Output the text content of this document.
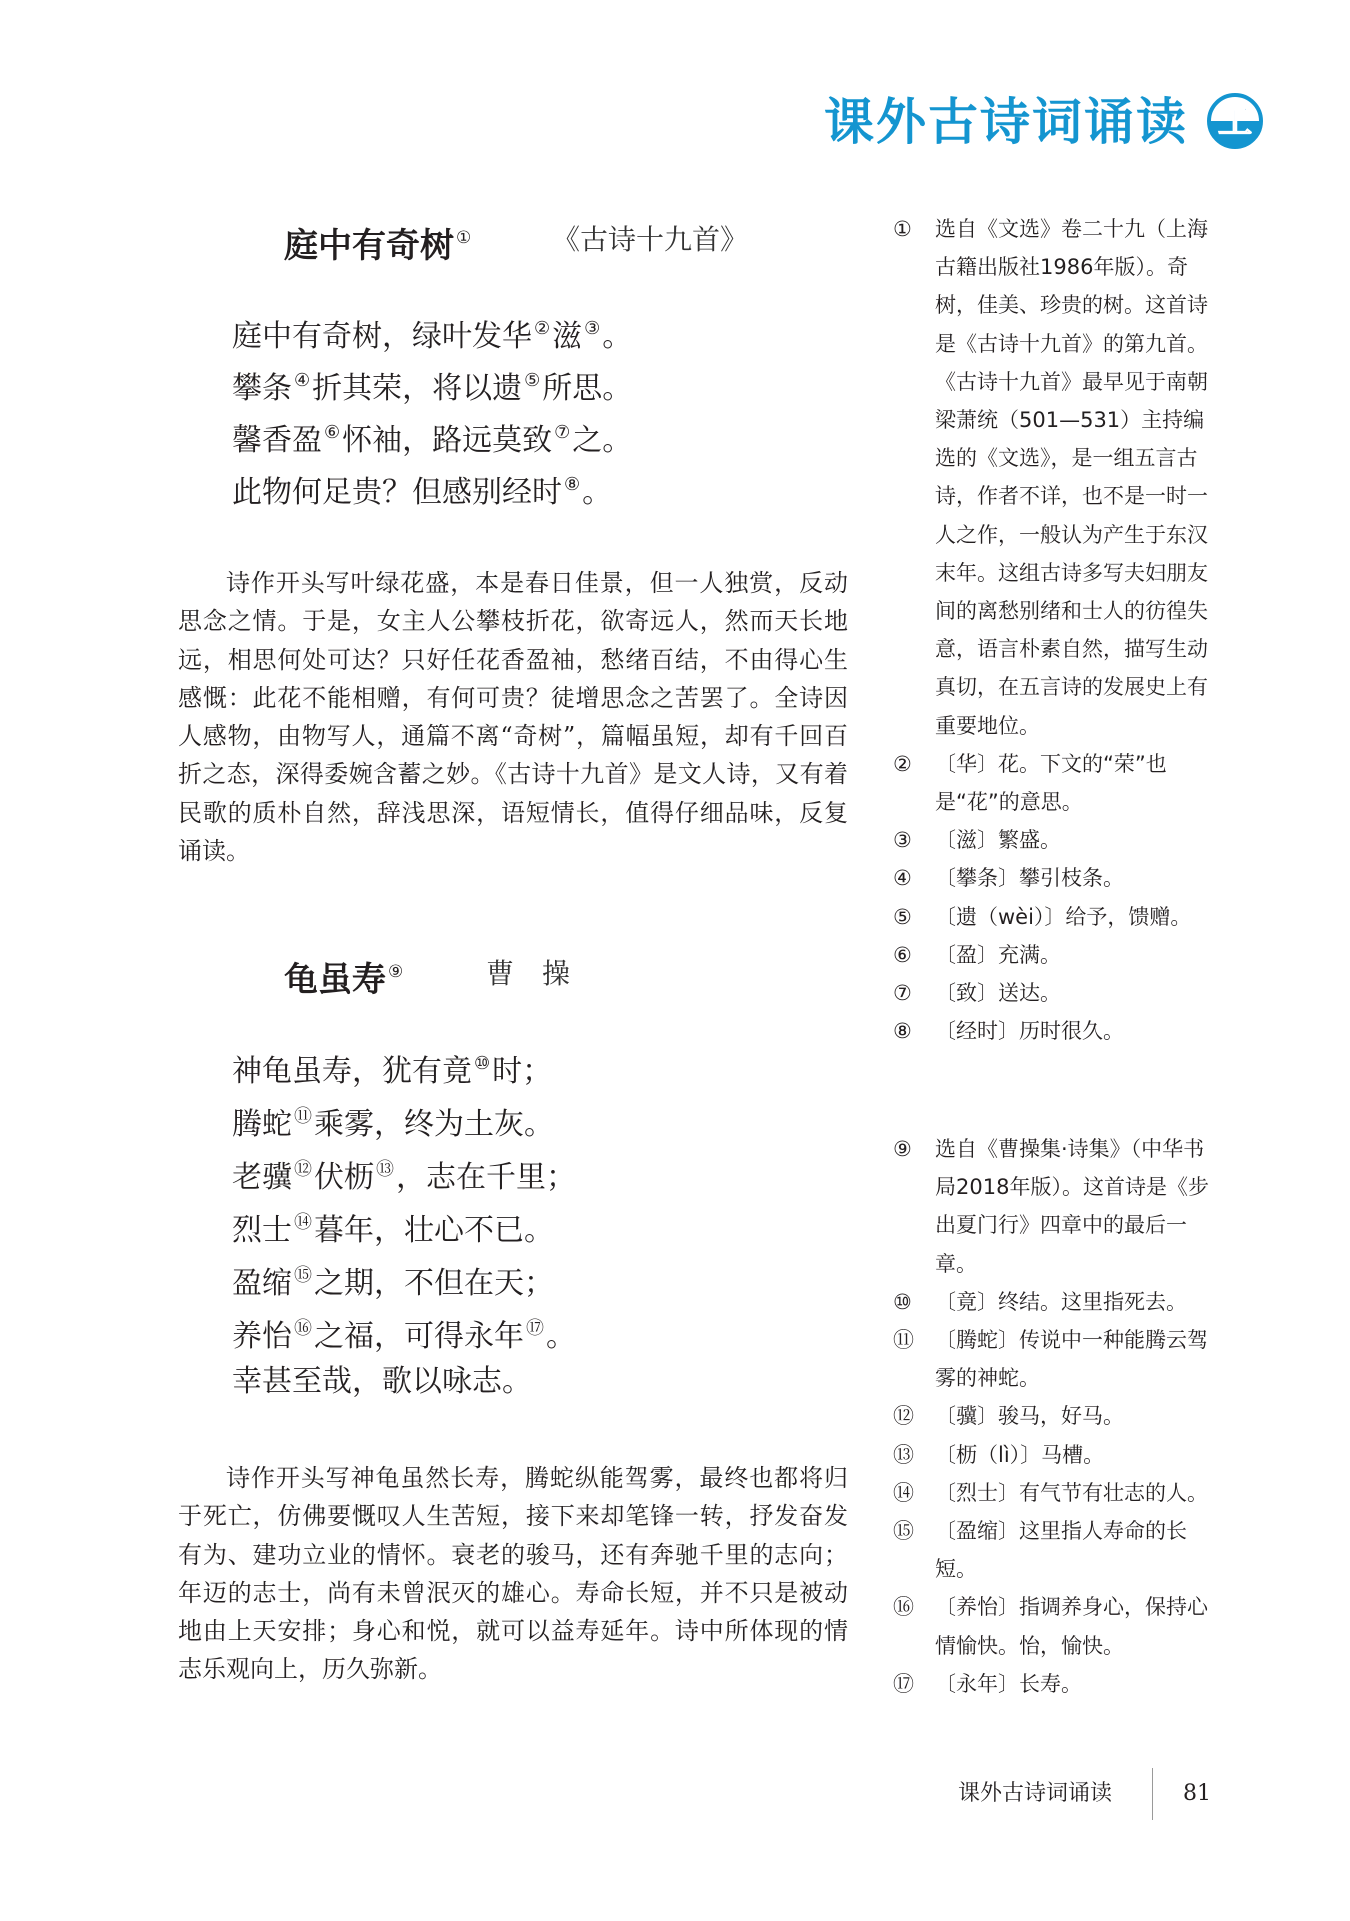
课外古诗词诵读 工
庭中有奇树 ①	《古诗十九首》
庭中有奇树，绿叶发华 ②滋 ③。
攀条 ④折其荣，将以遗 ⑤所思。
馨香盈 ⑥怀袖，路远莫致 ⑦之。
此物何足贵？但感别经时 ⑧。

诗作开头写叶绿花盛，本是春日佳景，但一人独赏，反动思念之情。于是，女主人公攀枝折花，欲寄远人，然而天长地远，相思何处可达？只好任花香盈袖，愁绪百结，不由得心生感慨：此花不能相赠，有何可贵？徒增思念之苦罢了。全诗因人感物，由物写人，通篇不离“奇树”，篇幅虽短，却有千回百折之态，深得委婉含蓄之妙。《古诗十九首》是文人诗，又有着民歌的质朴自然，辞浅思深，语短情长，值得仔细品味，反复诵读。

龟虽寿 ⑨	曹　操
神龟虽寿，犹有竟 ⑩时；
腾蛇 ⑪乘雾，终为土灰。
老骥 ⑫伏枥 ⑬，志在千里；
烈士 ⑭暮年，壮心不已。
盈缩 ⑮之期，不但在天；
养怡 ⑯之福，可得永年 ⑰。
幸甚至哉，歌以咏志。

诗作开头写神龟虽然长寿，腾蛇纵能驾雾，最终也都将归于死亡，仿佛要慨叹人生苦短，接下来却笔锋一转，抒发奋发有为、建功立业的情怀。衰老的骏马，还有奔驰千里的志向；年迈的志士，尚有未曾泯灭的雄心。寿命长短，并不只是被动地由上天安排；身心和悦，就可以益寿延年。诗中所体现的情志乐观向上，历久弥新。

①	选自《文选》卷二十九（上海古籍出版社1986年版）。奇树，佳美、珍贵的树。这首诗是《古诗十九首》的第九首。《古诗十九首》最早见于南朝梁萧统（501—531）主持编选的《文选》，是一组五言古诗，作者不详，也不是一时一人之作，一般认为产生于东汉末年。这组古诗多写夫妇朋友间的离愁别绪和士人的彷徨失意，语言朴素自然，描写生动真切，在五言诗的发展史上有重要地位。
②	〔华〕花。下文的“荣”也是“花”的意思。
③	〔滋〕繁盛。
④	〔攀条〕攀引枝条。
⑤	〔遗（wèi）〕给予，馈赠。
⑥	〔盈〕充满。
⑦	〔致〕送达。
⑧	〔经时〕历时很久。
⑨	选自《曹操集·诗集》（中华书局2018年版）。这首诗是《步出夏门行》四章中的最后一章。
⑩	〔竟〕终结。这里指死去。
⑪	〔腾蛇〕传说中一种能腾云驾雾的神蛇。
⑫	〔骥〕骏马，好马。
⑬	〔枥（lì）〕马槽。
⑭	〔烈士〕有气节有壮志的人。
⑮	〔盈缩〕这里指人寿命的长短。
⑯	〔养怡〕指调养身心，保持心情愉快。怡，愉快。
⑰	〔永年〕长寿。
课外古诗词诵读	81
